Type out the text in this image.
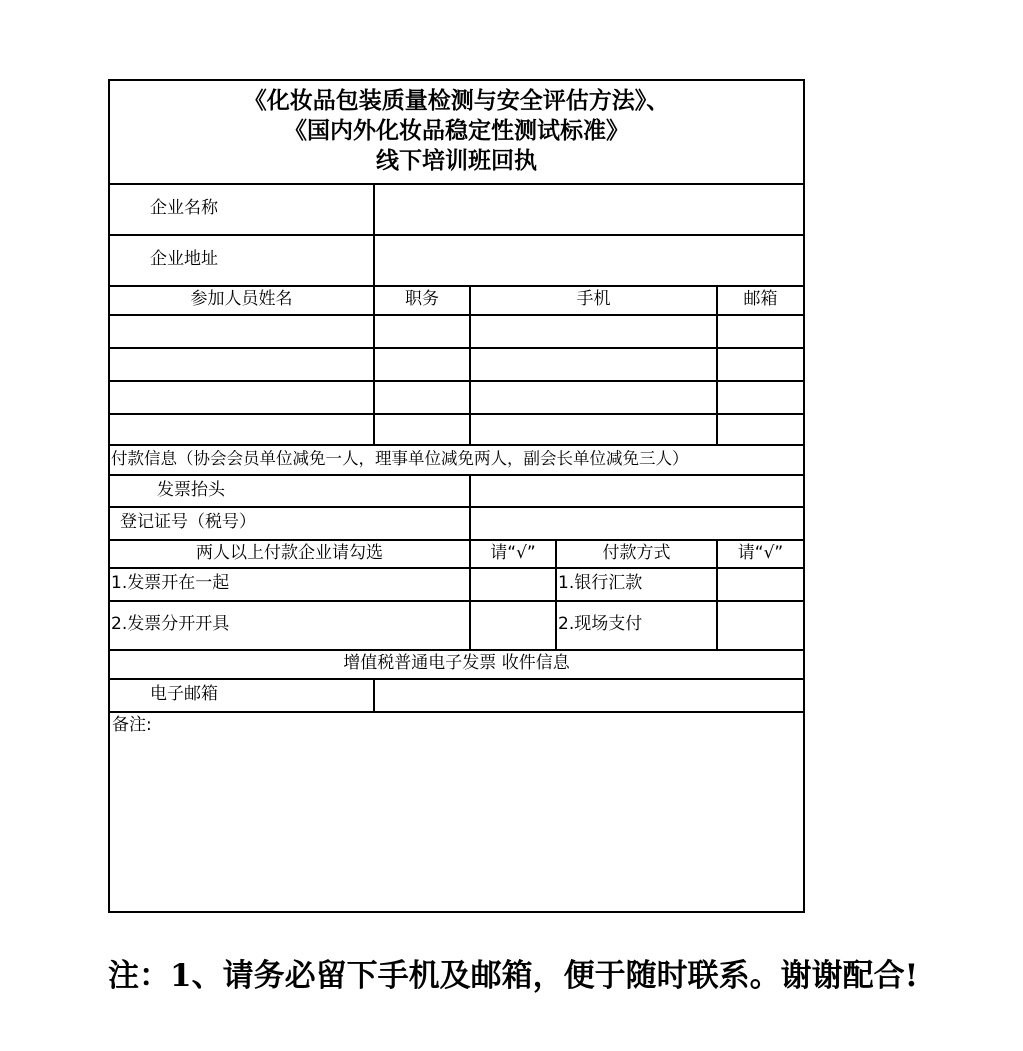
《化妆品包装质量检测与安全评估方法》、
《国内外化妆品稳定性测试标准》
线下培训班回执				

企业名称				
企业地址				
参加人员姓名	职务	手机		邮箱

付款信息（协会会员单位减免一人，理事单位减免两人，副会长单位减免三人）				
发票抬头				
登记证号（税号）				
两人以上付款企业请勾选		请“√”	付款方式	请“√”
1.发票开在一起			1.银行汇款	
2.发票分开开具			2.现场支付	
增值税普通电子发票 收件信息				
电子邮箱				
备注:				
注：1、请务必留下手机及邮箱，便于随时联系。谢谢配合!
